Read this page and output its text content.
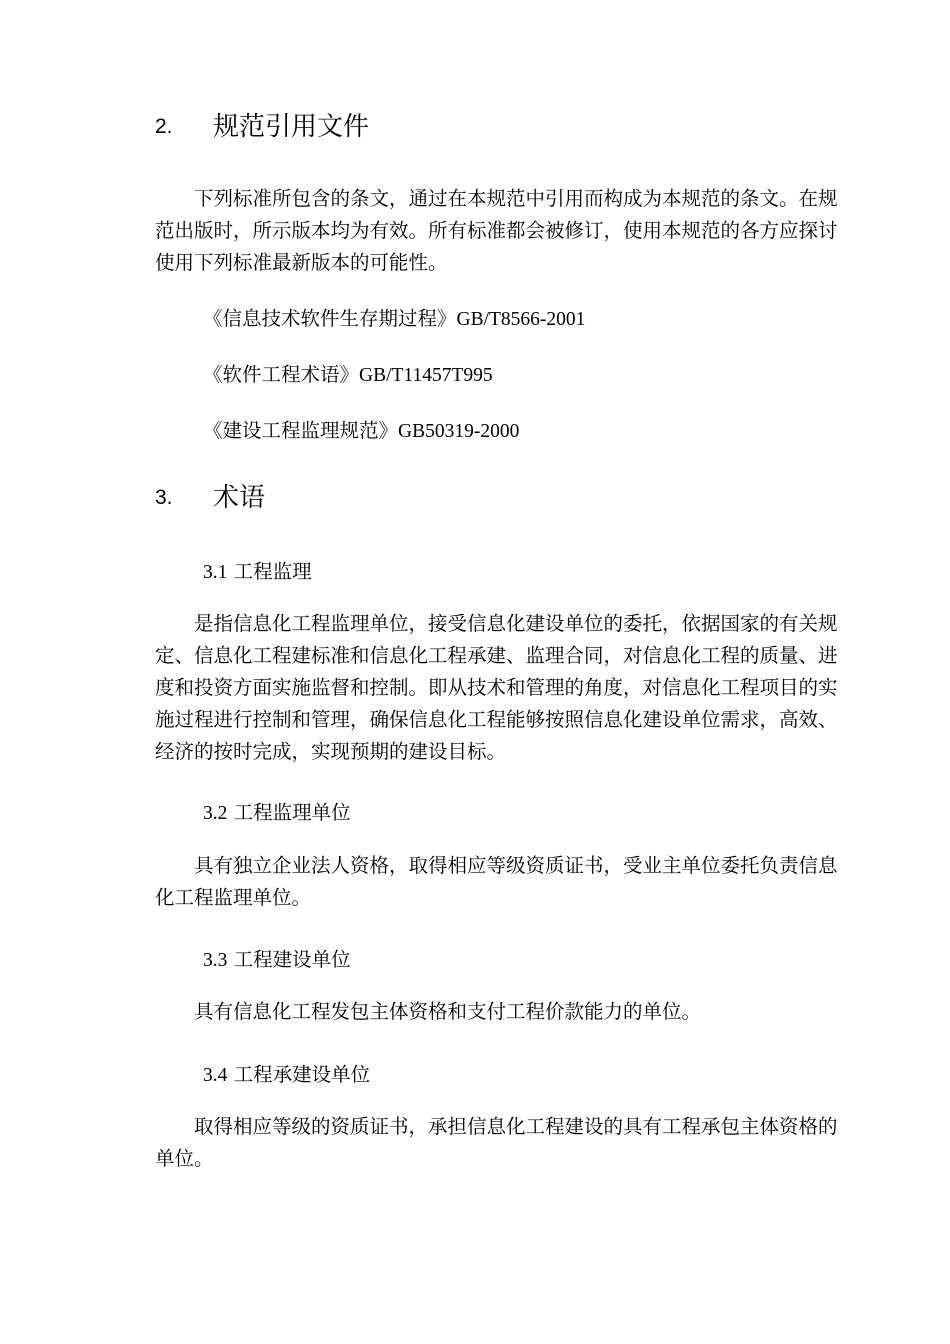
2. 规范引用文件

下列标准所包含的条文，通过在本规范中引用而构成为本规范的条文。在规范出版时，所示版本均为有效。所有标准都会被修订，使用本规范的各方应探讨使用下列标准最新版本的可能性。

《信息技术软件生存期过程》GB/T8566-2001
《软件工程术语》GB/T11457T995
《建设工程监理规范》GB50319-2000
3. 术语
3.1 工程监理

是指信息化工程监理单位，接受信息化建设单位的委托，依据国家的有关规定、信息化工程建标准和信息化工程承建、监理合同，对信息化工程的质量、进度和投资方面实施监督和控制。即从技术和管理的角度，对信息化工程项目的实施过程进行控制和管理，确保信息化工程能够按照信息化建设单位需求，高效、经济的按时完成，实现预期的建设目标。

3.2 工程监理单位

具有独立企业法人资格，取得相应等级资质证书，受业主单位委托负责信息化工程监理单位。

3.3 工程建设单位

具有信息化工程发包主体资格和支付工程价款能力的单位。

3.4 工程承建设单位

取得相应等级的资质证书，承担信息化工程建设的具有工程承包主体资格的单位。
